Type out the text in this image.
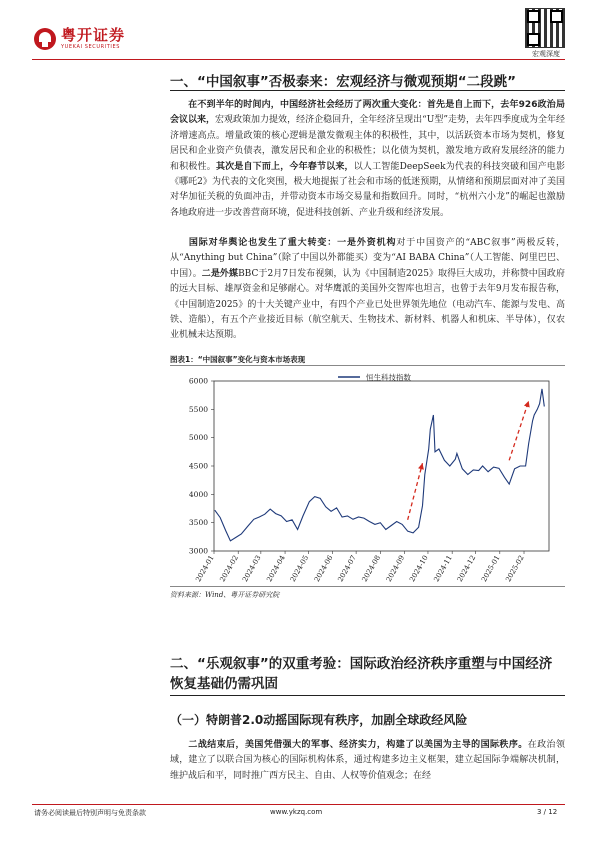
粤开证券
YUEKAI SECURITIES
宏观深度
一、“中国叙事”否极泰来：宏观经济与微观预期“二段跳”
在不到半年的时间内，中国经济社会经历了两次重大变化：首先是自上而下，去年926政治局会议以来，宏观政策加力提效，经济企稳回升，全年经济呈现出“U型”走势，去年四季度成为全年经济增速高点。增量政策的核心逻辑是激发微观主体的积极性，其中，以活跃资本市场为契机，修复居民和企业资产负债表，激发居民和企业的积极性；以化债为契机，激发地方政府发展经济的能力和积极性。其次是自下而上，今年春节以来，以人工智能DeepSeek为代表的科技突破和国产电影《哪吒2》为代表的文化突围，极大地提振了社会和市场的低迷预期，从情绪和预期层面对冲了美国对华加征关税的负面冲击，并带动资本市场交易量和指数回升。同时，“杭州六小龙”的崛起也激励各地政府进一步改善营商环境，促进科技创新、产业升级和经济发展。
国际对华舆论也发生了重大转变：一是外资机构对于中国资产的“ABC叙事”两极反转，从“Anything but China”（除了中国以外都能买）变为“AI BABA China”（人工智能、阿里巴巴、中国）。二是外媒BBC于2月7日发布视频，认为《中国制造2025》取得巨大成功，并称赞中国政府的远大目标、雄厚资金和足够耐心。对华鹰派的美国外交智库也坦言，也曾于去年9月发布报告称，《中国制造2025》的十大关键产业中，有四个产业已处世界领先地位（电动汽车、能源与发电、高铁、造船），有五个产业接近目标（航空航天、生物技术、新材料、机器人和机床、半导体），仅农业机械未达预期。
图表1：“中国叙事”变化与资本市场表现
3000
3500
4000
4500
5000
5500
6000
2024-01 2024-02 2024-03 2024-04 2024-05 2024-06 2024-07 2024-08 2024-09 2024-10 2024-11 2024-12 2025-01 2025-02
恒生科技指数
资料来源：Wind、粤开证券研究院
二、“乐观叙事”的双重考验：国际政治经济秩序重塑与中国经济恢复基础仍需巩固
（一）特朗普2.0动摇国际现有秩序，加剧全球政经风险
二战结束后，美国凭借强大的军事、经济实力，构建了以美国为主导的国际秩序。在政治领域，建立了以联合国为核心的国际机构体系，通过构建多边主义框架，建立起国际争端解决机制，维护战后和平，同时推广西方民主、自由、人权等价值观念；在经
请务必阅读最后特别声明与免责条款	www.ykzq.com	3 / 12
